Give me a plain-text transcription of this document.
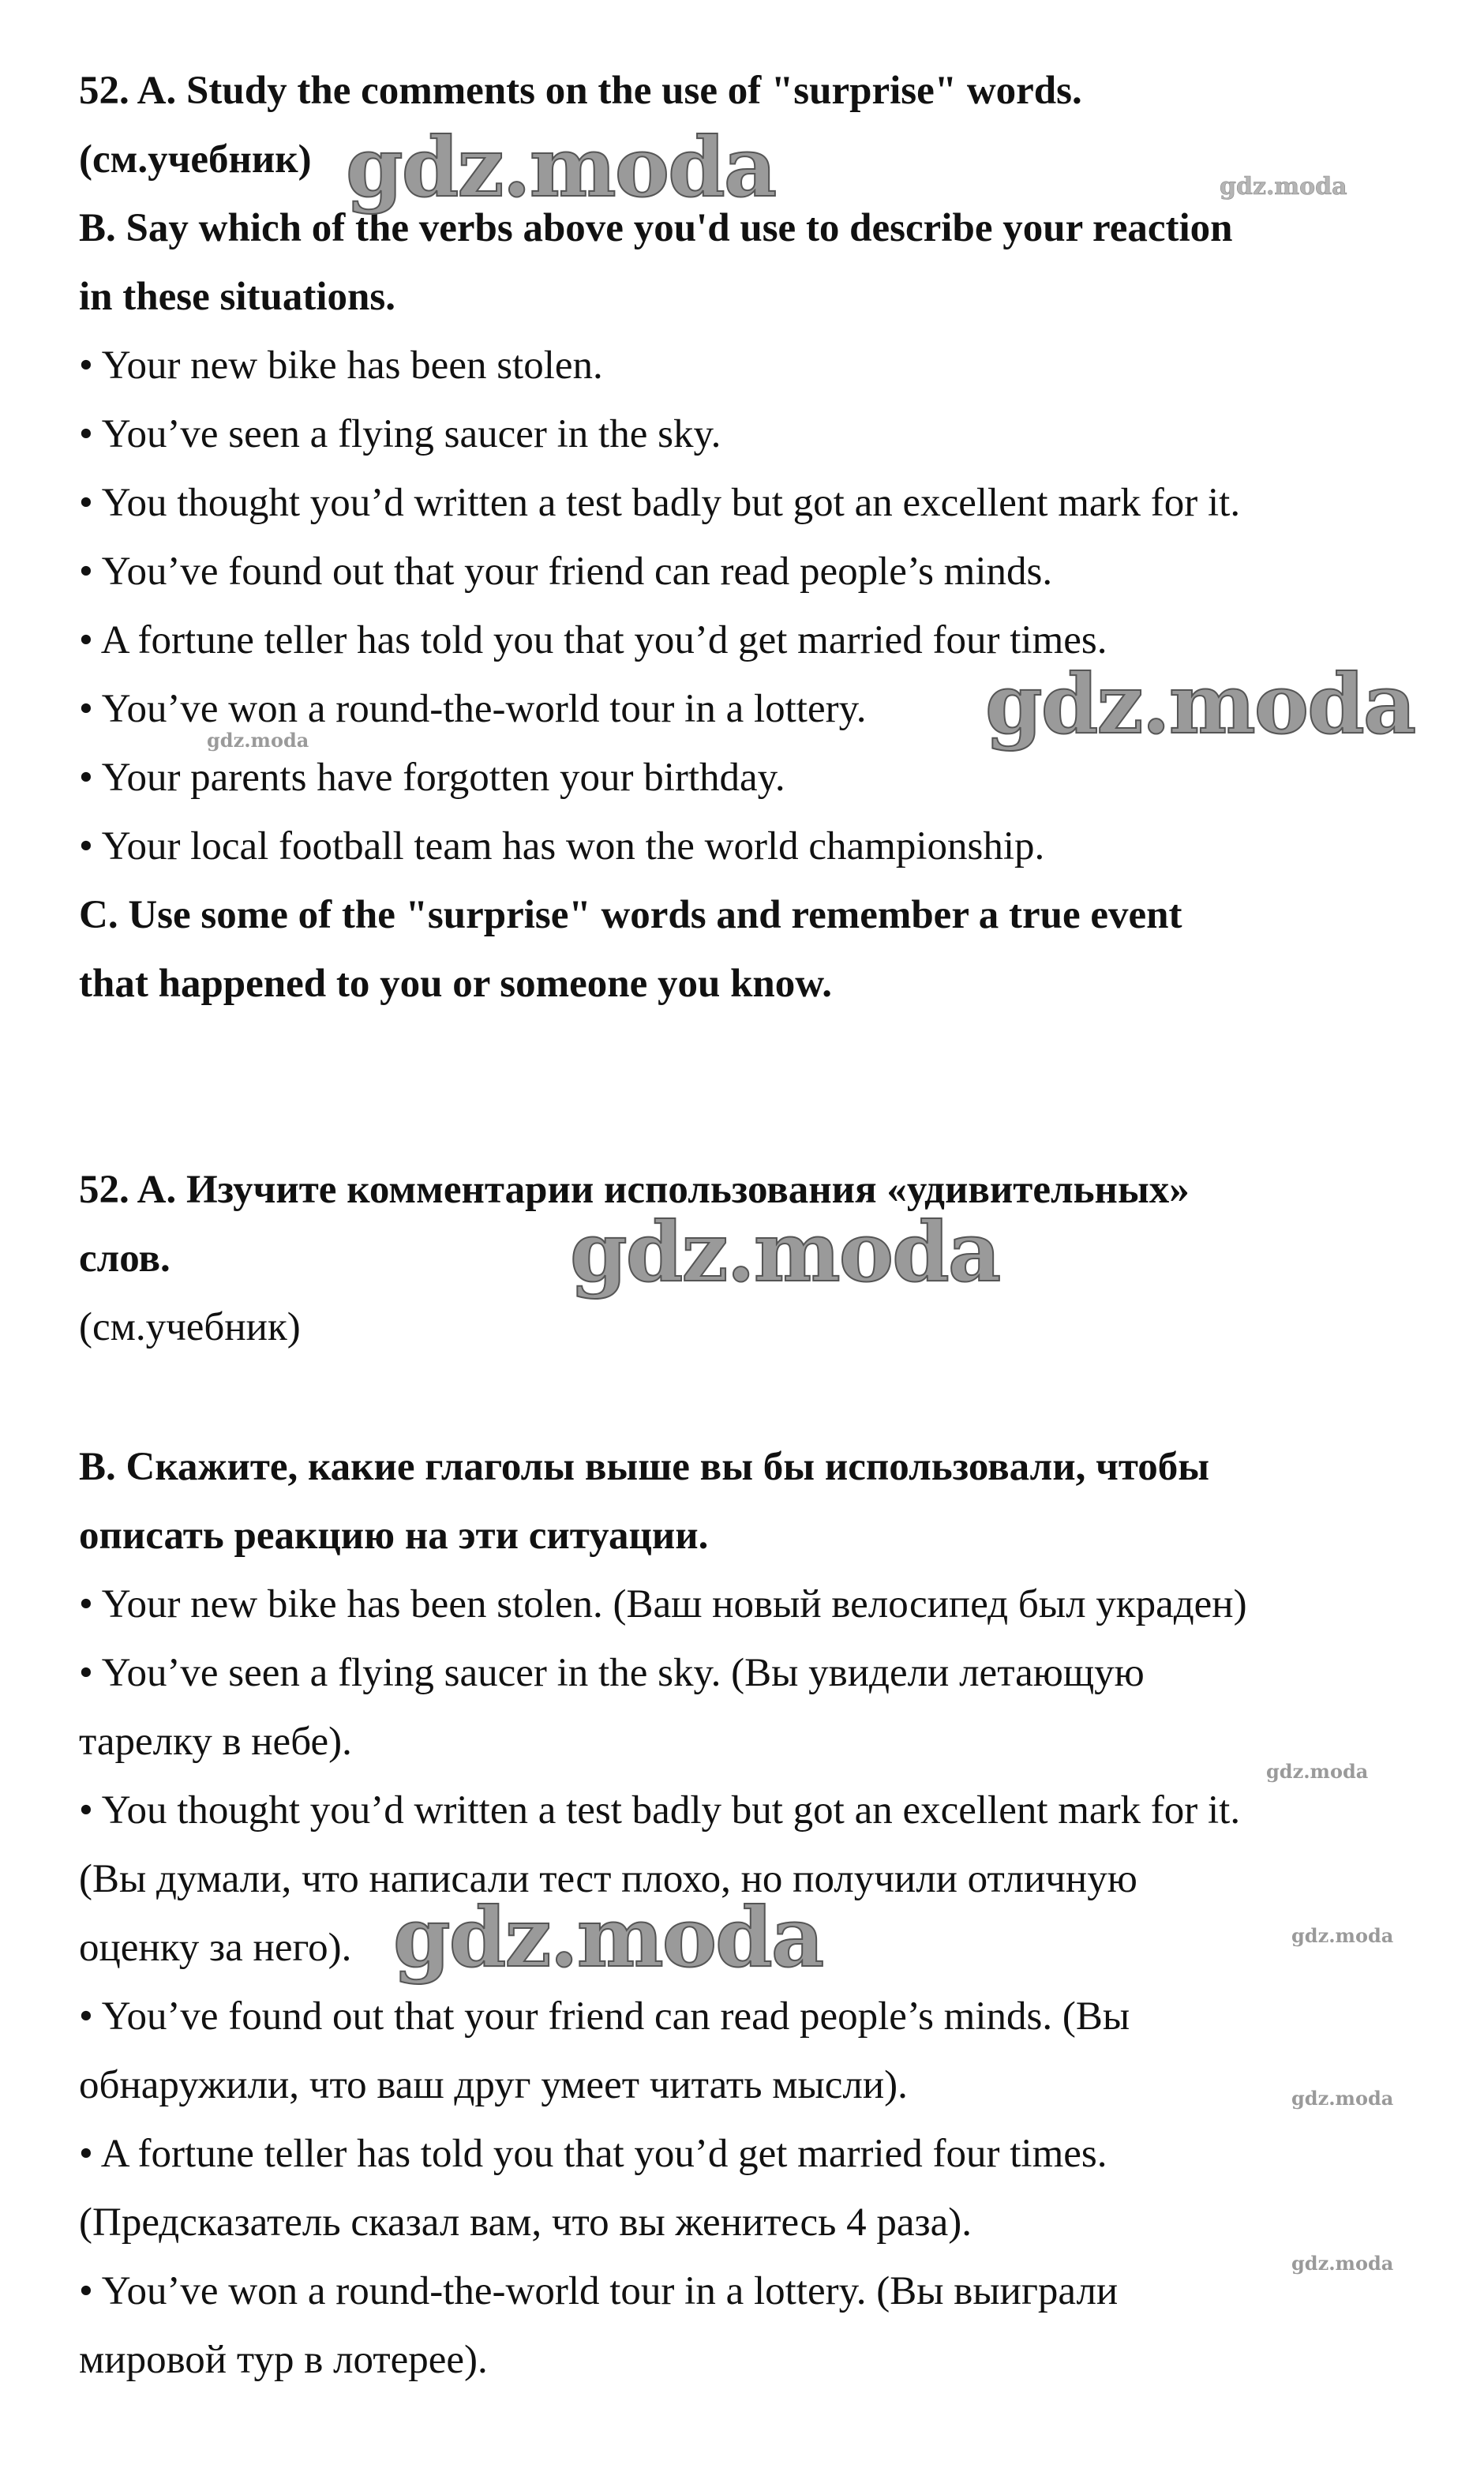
52. A. Study the comments on the use of "surprise" words.
(см.учебник)
B. Say which of the verbs above you'd use to describe your reaction
in these situations.
• Your new bike has been stolen.
• You’ve seen a flying saucer in the sky.
• You thought you’d written a test badly but got an excellent mark for it.
• You’ve found out that your friend can read people’s minds.
• A fortune teller has told you that you’d get married four times.
• You’ve won a round-the-world tour in a lottery.
• Your parents have forgotten your birthday.
• Your local football team has won the world championship.
C. Use some of the "surprise" words and remember a true event
that happened to you or someone you know.
52. A. Изучите комментарии использования «удивительных»
слов.
(см.учебник)
B. Скажите, какие глаголы выше вы бы использовали, чтобы
описать реакцию на эти ситуации.
• Your new bike has been stolen. (Ваш новый велосипед был украден)
• You’ve seen a flying saucer in the sky. (Вы увидели летающую
тарелку в небе).
• You thought you’d written a test badly but got an excellent mark for it.
(Вы думали, что написали тест плохо, но получили отличную
оценку за него).
• You’ve found out that your friend can read people’s minds. (Вы
обнаружили, что ваш друг умеет читать мысли).
• A fortune teller has told you that you’d get married four times.
(Предсказатель сказал вам, что вы женитесь 4 раза).
• You’ve won a round-the-world tour in a lottery. (Вы выиграли
мировой тур в лотерее).
gdz.moda	gdz.moda
gdz.moda
gdz.moda
gdz.moda
gdz.moda
gdz.moda	gdz.moda
gdz.moda
gdz.moda
